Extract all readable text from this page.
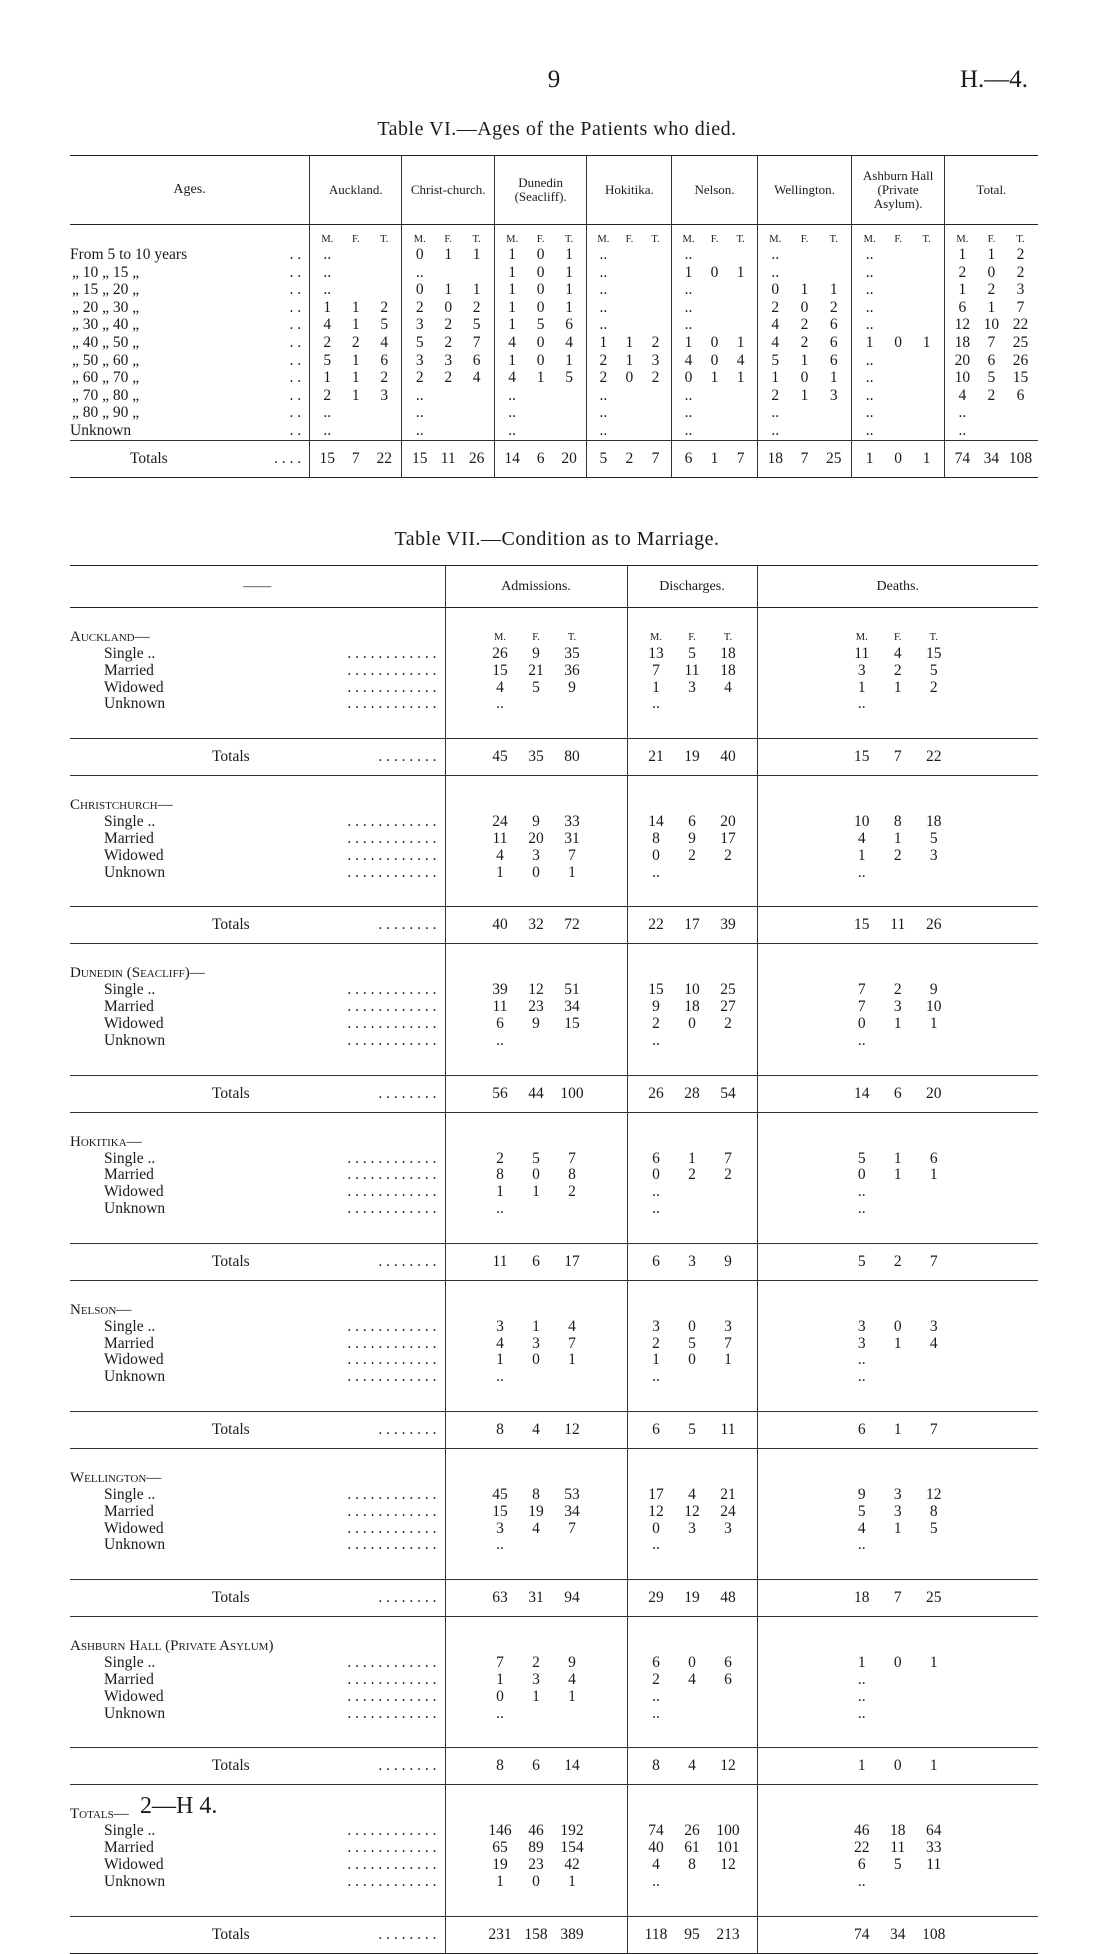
9	H.—4.
Table VI.—Ages of the Patients who died.
Ages.	Auckland.	Christ-church.	Dunedin (Seacliff).	Hokitika.	Nelson.	Wellington.	Ashburn Hall (Private Asylum).	Total.

	M. F. T.	M. F. T.	M. F. T.	M. F. T.	M. F. T.	M. F. T.	M. F. T.	M. F. T.

From 5 to 10 years . .	..	0 1 1	1 0 1	..	..	..	..	1 1 2

„ 10 „ 15 „ . .	..	..	1 0 1	..	1 0 1	..	..	2 0 2

„ 15 „ 20 „ . .	..	0 1 1	1 0 1	..	..	0 1 1	..	1 2 3

„ 20 „ 30 „ . .	1 1 2	2 0 2	1 0 1	..	..	2 0 2	..	6 1 7

„ 30 „ 40 „ . .	4 1 5	3 2 5	1 5 6	..	..	4 2 6	..	12 10 22

„ 40 „ 50 „ . .	2 2 4	5 2 7	4 0 4	1 1 2	1 0 1	4 2 6	1 0 1	18 7 25

„ 50 „ 60 „ . .	5 1 6	3 3 6	1 0 1	2 1 3	4 0 4	5 1 6	..	20 6 26

„ 60 „ 70 „ . .	1 1 2	2 2 4	4 1 5	2 0 2	0 1 1	1 0 1	..	10 5 15

„ 70 „ 80 „ . .	2 1 3	..	..	..	..	2 1 3	..	4 2 6

„ 80 „ 90 „ . .	..	..	..	..	..	..	..	..

Unknown . .	..	..	..	..	..	..	..	..

Totals . . . .	15 7 22	15 11 26	14 6 20	5 2 7	6 1 7	18 7 25	1 0 1	74 34 108
Table VII.—Condition as to Marriage.
——	Admissions.	Discharges.	Deaths.

Auckland—	M. F. T.	M. F. T.	M. F. T.

Single .. . . . . . . . . . . . .	26 9 35	13 5 18	11 4 15

Married . . . . . . . . . . . .	15 21 36	7 11 18	3 2 5

Widowed . . . . . . . . . . . .	4 5 9	1 3 4	1 1 2

Unknown . . . . . . . . . . . .	..	..	..

Totals . . . . . . . .	45 35 80	21 19 40	15 7 22

Christchurch—			
Single .. . . . . . . . . . . . .	24 9 33	14 6 20	10 8 18

Married . . . . . . . . . . . .	11 20 31	8 9 17	4 1 5

Widowed . . . . . . . . . . . .	4 3 7	0 2 2	1 2 3

Unknown . . . . . . . . . . . .	1 0 1	..	..

Totals . . . . . . . .	40 32 72	22 17 39	15 11 26

Dunedin (Seacliff)—			
Single .. . . . . . . . . . . . .	39 12 51	15 10 25	7 2 9

Married . . . . . . . . . . . .	11 23 34	9 18 27	7 3 10

Widowed . . . . . . . . . . . .	6 9 15	2 0 2	0 1 1

Unknown . . . . . . . . . . . .	..	..	..

Totals . . . . . . . .	56 44 100	26 28 54	14 6 20

Hokitika—			
Single .. . . . . . . . . . . . .	2 5 7	6 1 7	5 1 6

Married . . . . . . . . . . . .	8 0 8	0 2 2	0 1 1

Widowed . . . . . . . . . . . .	1 1 2	..	..

Unknown . . . . . . . . . . . .	..	..	..

Totals . . . . . . . .	11 6 17	6 3 9	5 2 7

Nelson—			
Single .. . . . . . . . . . . . .	3 1 4	3 0 3	3 0 3

Married . . . . . . . . . . . .	4 3 7	2 5 7	3 1 4

Widowed . . . . . . . . . . . .	1 0 1	1 0 1	..

Unknown . . . . . . . . . . . .	..	..	..

Totals . . . . . . . .	8 4 12	6 5 11	6 1 7

Wellington—			
Single .. . . . . . . . . . . . .	45 8 53	17 4 21	9 3 12

Married . . . . . . . . . . . .	15 19 34	12 12 24	5 3 8

Widowed . . . . . . . . . . . .	3 4 7	0 3 3	4 1 5

Unknown . . . . . . . . . . . .	..	..	..

Totals . . . . . . . .	63 31 94	29 19 48	18 7 25

Ashburn Hall (Private Asylum)			
Single .. . . . . . . . . . . . .	7 2 9	6 0 6	1 0 1

Married . . . . . . . . . . . .	1 3 4	2 4 6	..

Widowed . . . . . . . . . . . .	0 1 1	..	..

Unknown . . . . . . . . . . . .	..	..	..

Totals . . . . . . . .	8 6 14	8 4 12	1 0 1

Totals—			
Single .. . . . . . . . . . . . .	146 46 192	74 26 100	46 18 64

Married . . . . . . . . . . . .	65 89 154	40 61 101	22 11 33

Widowed . . . . . . . . . . . .	19 23 42	4 8 12	6 5 11

Unknown . . . . . . . . . . . .	1 0 1	..	..

Totals . . . . . . . .	231 158 389	118 95 213	74 34 108
2—H 4.
